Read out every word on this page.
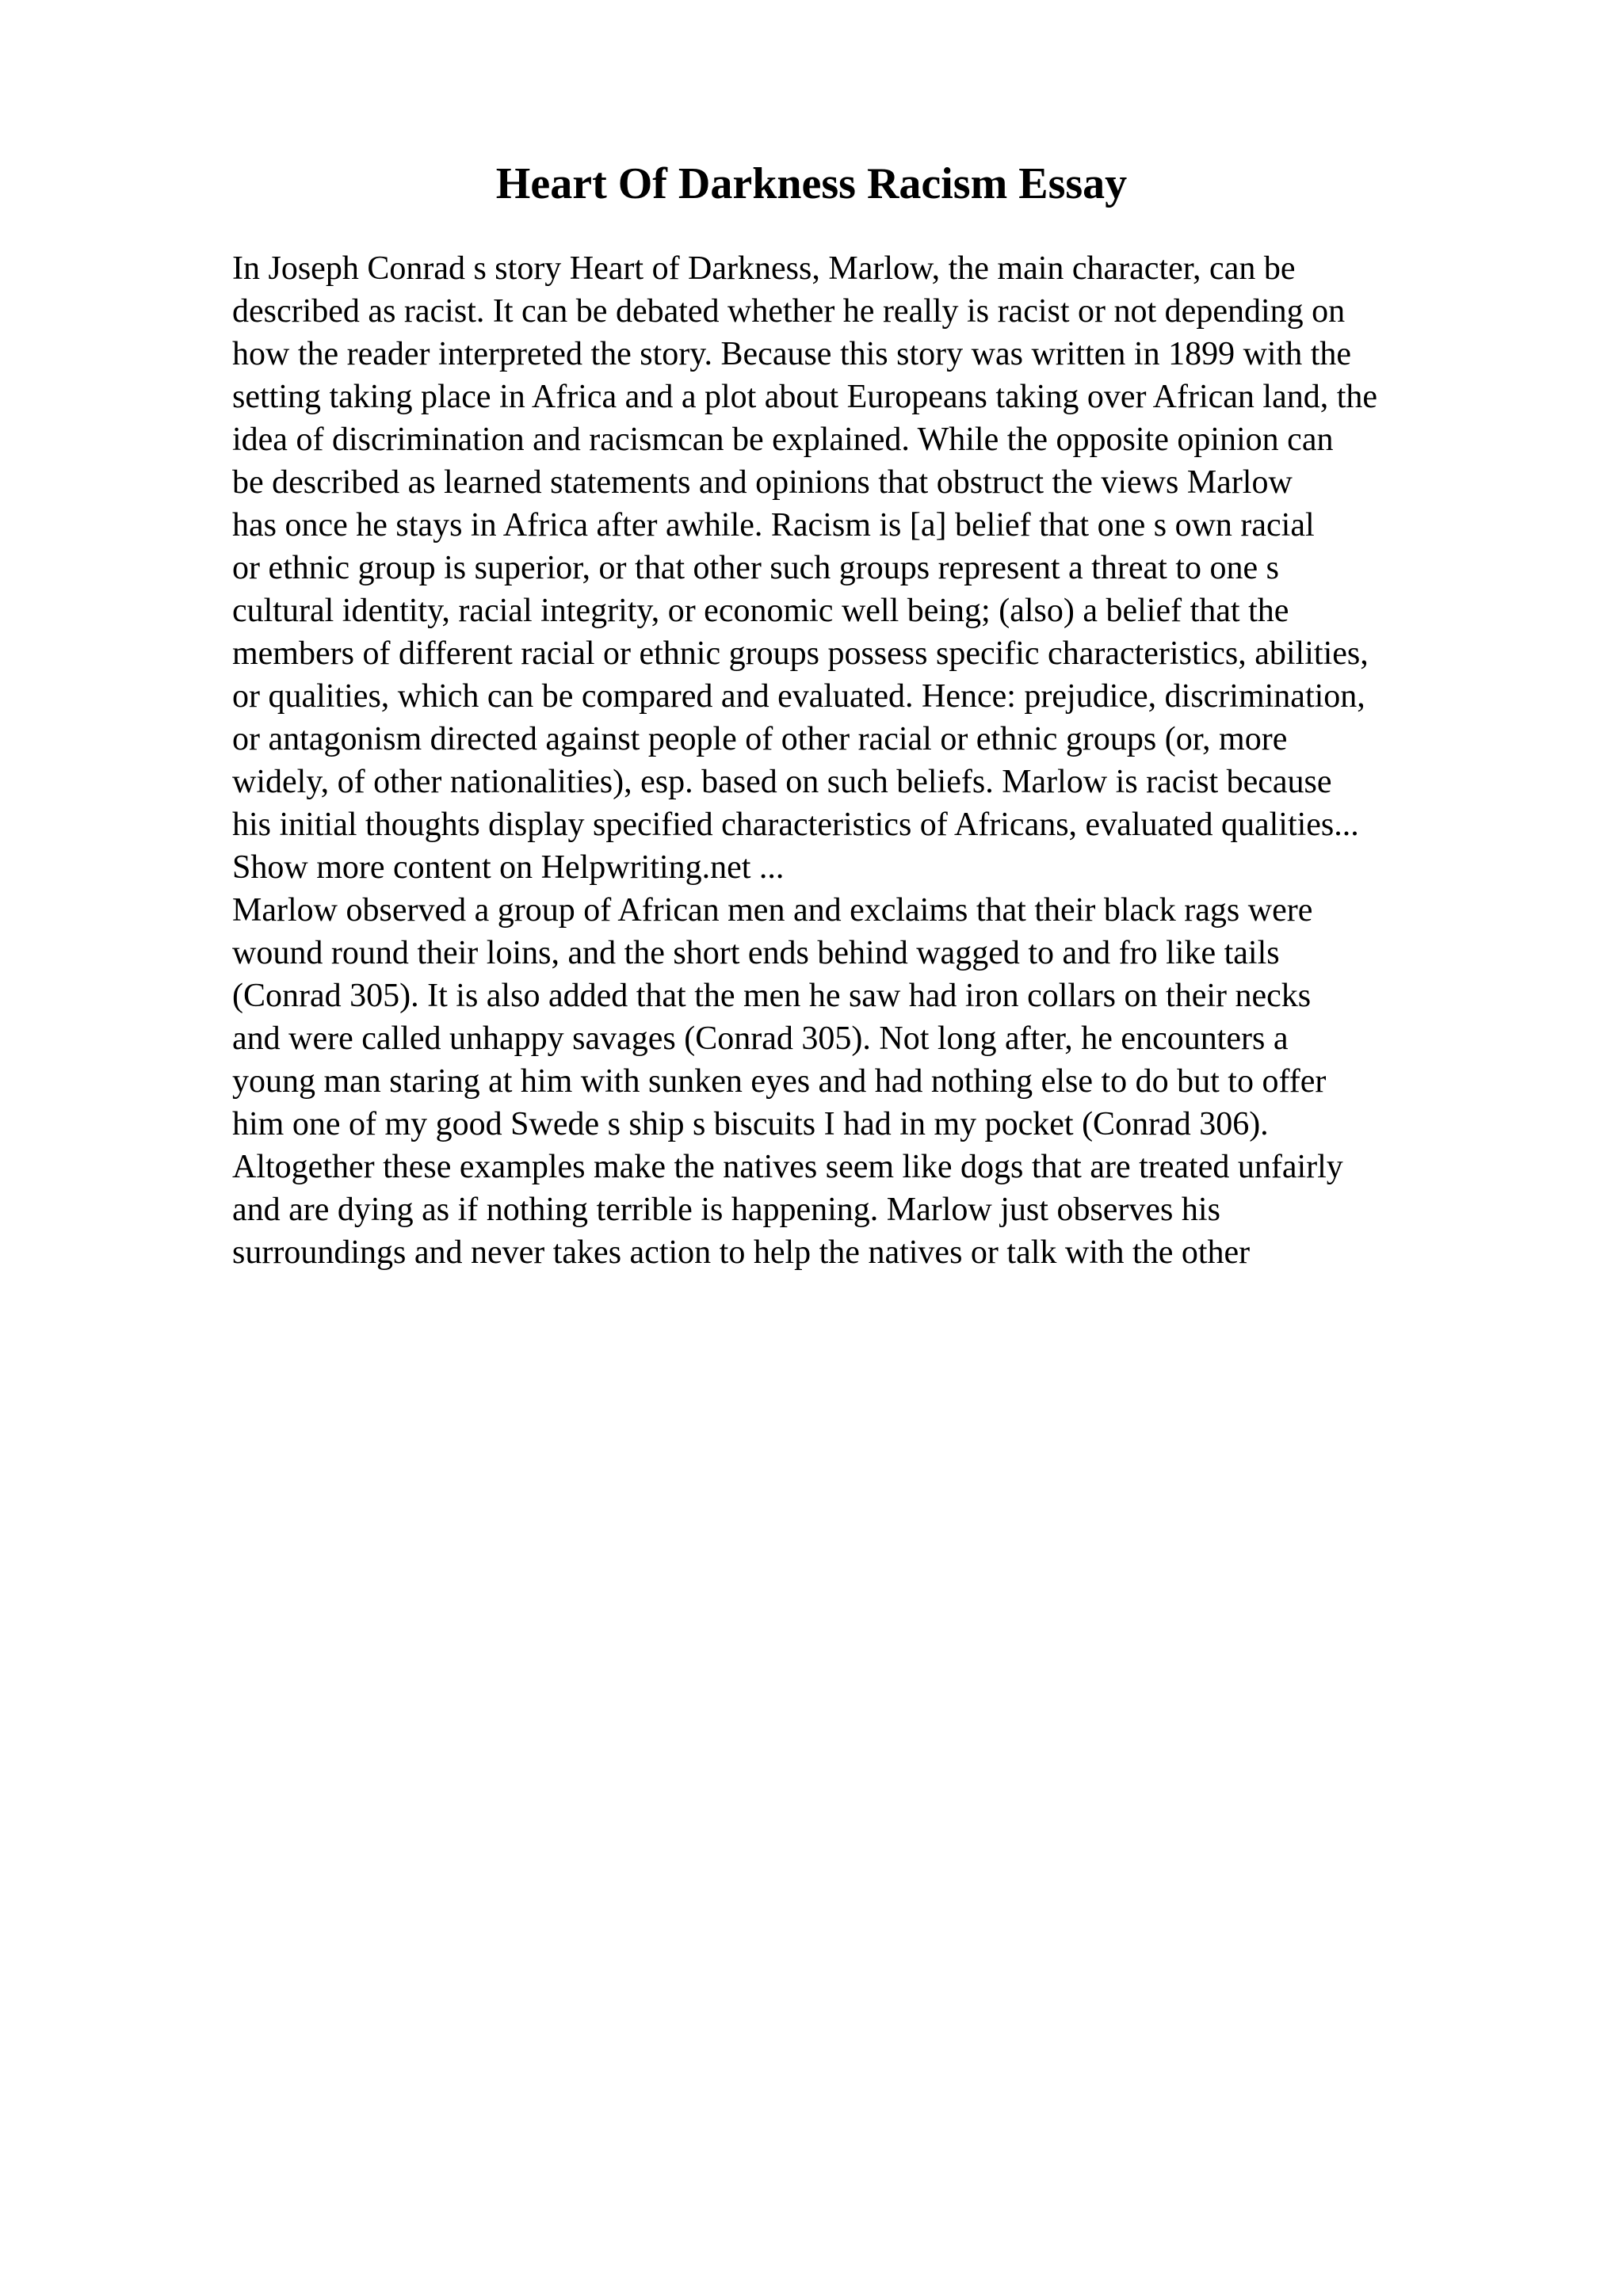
Heart Of Darkness Racism Essay
In Joseph Conrad s story Heart of Darkness, Marlow, the main character, can be
described as racist. It can be debated whether he really is racist or not depending on
how the reader interpreted the story. Because this story was written in 1899 with the
setting taking place in Africa and a plot about Europeans taking over African land, the
idea of discrimination and racismcan be explained. While the opposite opinion can
be described as learned statements and opinions that obstruct the views Marlow
has once he stays in Africa after awhile. Racism is [a] belief that one s own racial
or ethnic group is superior, or that other such groups represent a threat to one s
cultural identity, racial integrity, or economic well being; (also) a belief that the
members of different racial or ethnic groups possess specific characteristics, abilities,
or qualities, which can be compared and evaluated. Hence: prejudice, discrimination,
or antagonism directed against people of other racial or ethnic groups (or, more
widely, of other nationalities), esp. based on such beliefs. Marlow is racist because
his initial thoughts display specified characteristics of Africans, evaluated qualities...
Show more content on Helpwriting.net ...
Marlow observed a group of African men and exclaims that their black rags were
wound round their loins, and the short ends behind wagged to and fro like tails
(Conrad 305). It is also added that the men he saw had iron collars on their necks
and were called unhappy savages (Conrad 305). Not long after, he encounters a
young man staring at him with sunken eyes and had nothing else to do but to offer
him one of my good Swede s ship s biscuits I had in my pocket (Conrad 306).
Altogether these examples make the natives seem like dogs that are treated unfairly
and are dying as if nothing terrible is happening. Marlow just observes his
surroundings and never takes action to help the natives or talk with the other
